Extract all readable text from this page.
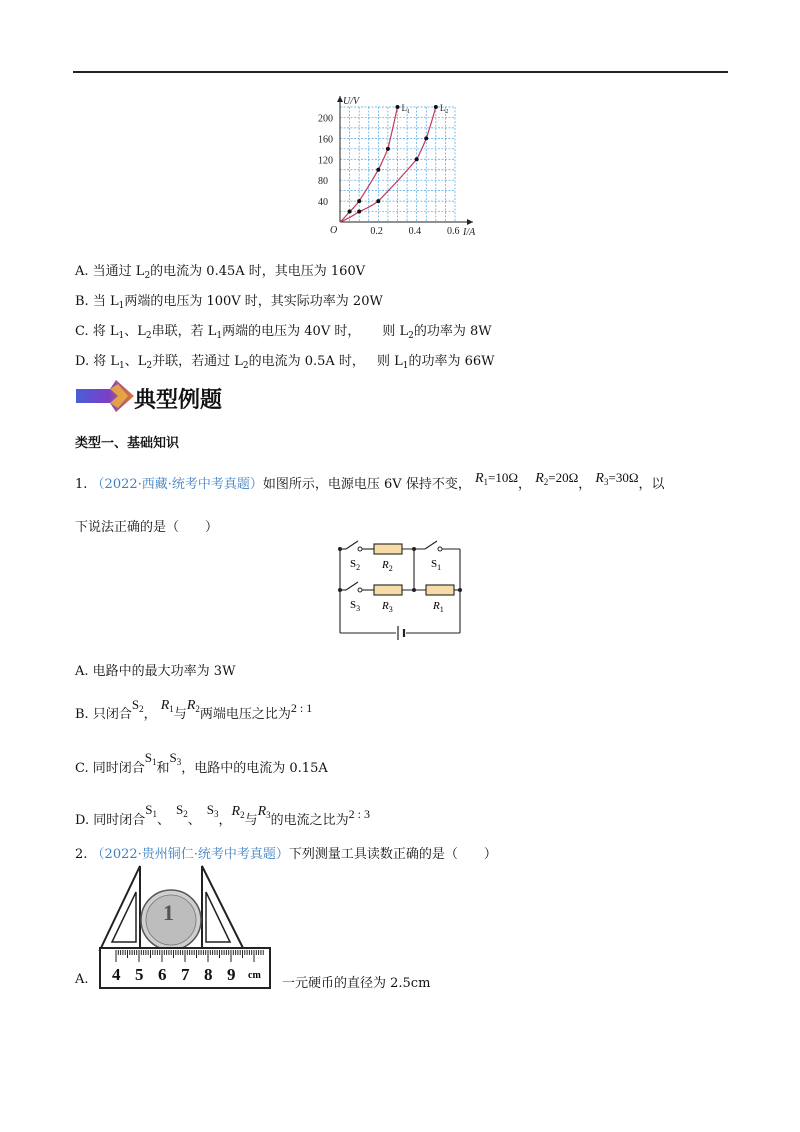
U/V
I/A
O
40
80
120
160
200
0.2	0.4	0.6
$L_1$	$L_2$
A. 当通过 $L_2$的电流为 0.45A 时，其电压为 160V
B. 当 $L_1$两端的电压为 100V 时，其实际功率为 20W
C. 将 $L_1$、$L_2$串联，若 $L_1$两端的电压为 40V 时， 则 $L_2$的功率为 8W
D. 将 $L_1$、$L_2$并联，若通过 $L_2$的电流为 0.5A 时， 则 $L_1$的功率为 66W
典型例题
类型一、基础知识
1. （2022·西藏·统考中考真题）如图所示，电源电压 6V 保持不变， $R^1=10\Omega$， $R^2=20\Omega$， $R^3=30\Omega$，以
下说法正确的是（　　）
$S_2$ $R_2$	$S_1$
$S_3$ $R_3$	$R_1$
A. 电路中的最大功率为 3W
B. 只闭合$S^2$， $R^1$与$R^2$两端电压之比为2 : 1
C. 同时闭合$S^1$和$S^3$，电路中的电流为 0.15A
D. 同时闭合$S^1$、$S^2$、$S^3$，$R^2$与$R^3$的电流之比为2 : 3
2. （2022·贵州铜仁·统考中考真题）下列测量工具读数正确的是（　　）
1
4 5 6 7 8 9 cm
A.	一元硬币的直径为 2.5cm
